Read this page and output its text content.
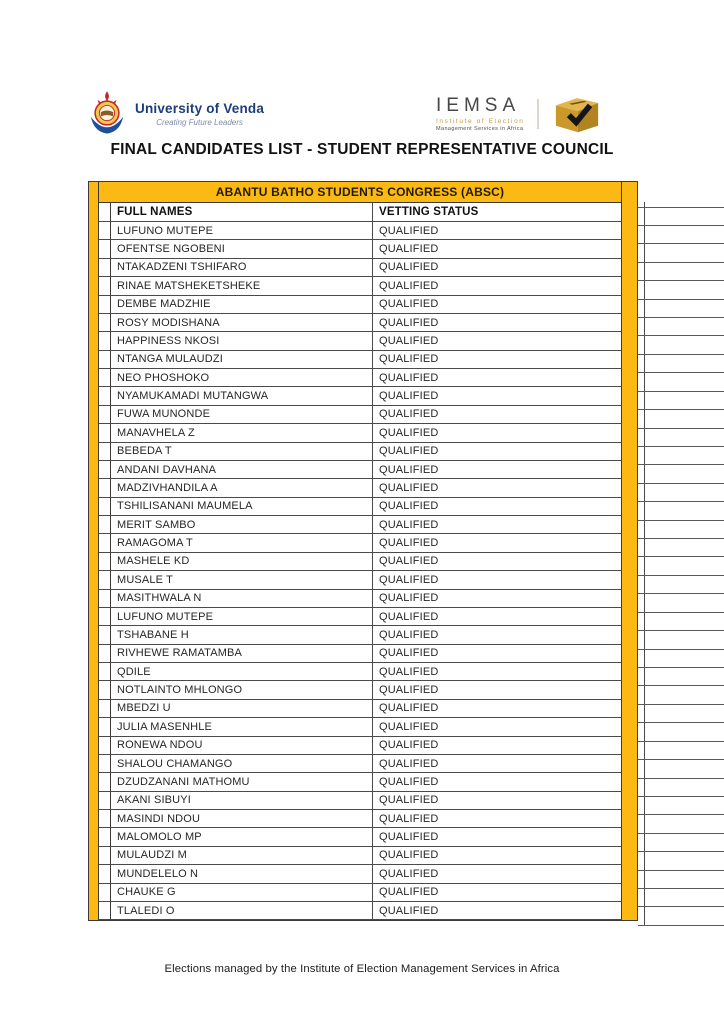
University of Venda
Creating Future Leaders
IEMSA
Institute of Election
Management Services in Africa
FINAL CANDIDATES LIST - STUDENT REPRESENTATIVE COUNCIL
ABANTU BATHO STUDENTS CONGRESS (ABSC)
FULL NAMES	VETTING STATUS
LUFUNO MUTEPE	QUALIFIED
OFENTSE NGOBENI	QUALIFIED
NTAKADZENI TSHIFARO	QUALIFIED
RINAE MATSHEKETSHEKE	QUALIFIED
DEMBE MADZHIE	QUALIFIED
ROSY MODISHANA	QUALIFIED
HAPPINESS NKOSI	QUALIFIED
NTANGA MULAUDZI	QUALIFIED
NEO PHOSHOKO	QUALIFIED
NYAMUKAMADI MUTANGWA	QUALIFIED
FUWA MUNONDE	QUALIFIED
MANAVHELA Z	QUALIFIED
BEBEDA T	QUALIFIED
ANDANI DAVHANA	QUALIFIED
MADZIVHANDILA A	QUALIFIED
TSHILISANANI MAUMELA	QUALIFIED
MERIT SAMBO	QUALIFIED
RAMAGOMA T	QUALIFIED
MASHELE KD	QUALIFIED
MUSALE T	QUALIFIED
MASITHWALA N	QUALIFIED
LUFUNO MUTEPE	QUALIFIED
TSHABANE H	QUALIFIED
RIVHEWE RAMATAMBA	QUALIFIED
QDILE	QUALIFIED
NOTLAINTO MHLONGO	QUALIFIED
MBEDZI U	QUALIFIED
JULIA MASENHLE	QUALIFIED
RONEWA NDOU	QUALIFIED
SHALOU CHAMANGO	QUALIFIED
DZUDZANANI MATHOMU	QUALIFIED
AKANI SIBUYI	QUALIFIED
MASINDI NDOU	QUALIFIED
MALOMOLO MP	QUALIFIED
MULAUDZI M	QUALIFIED
MUNDELELO N	QUALIFIED
CHAUKE G	QUALIFIED
TLALEDI O	QUALIFIED
Elections managed by the Institute of Election Management Services in Africa
